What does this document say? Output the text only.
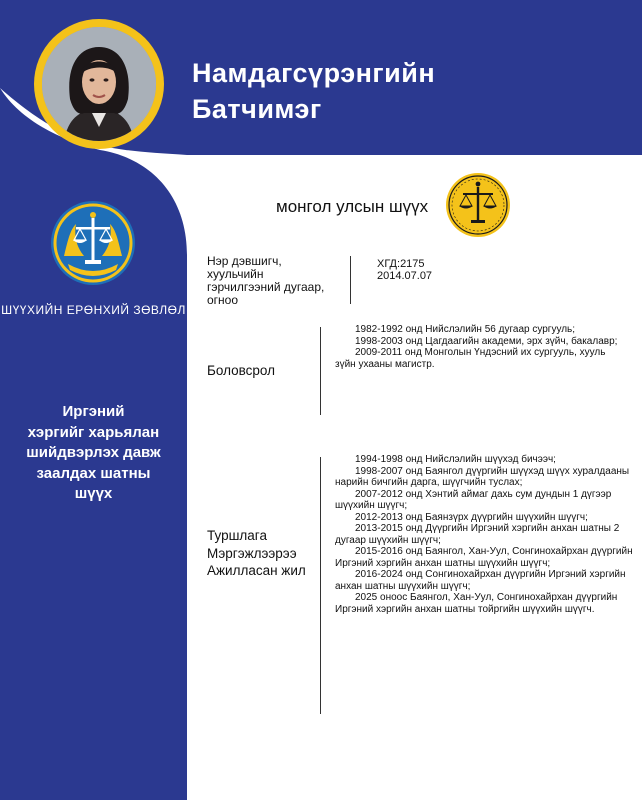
Намдагсүрэнгийн
Батчимэг
ШҮҮХИЙН ЕРӨНХИЙ ЗӨВЛӨЛ
Иргэний
хэргийг харьялан
шийдвэрлэх давж
заалдах шатны
шүүх
монгол улсын шүүх
Нэр дэвшигч,
хуульчийн
гэрчилгээний дугаар,
огноо
ХГД:2175
2014.07.07
Боловсрол
1982-1992 онд Нийслэлийн 56 дугаар сургууль;
1998-2003 онд Цагдаагийн академи, эрх зүйч, бакалавр;
2009-2011 онд Монголын Үндэсний их сургууль, хууль зүйн ухааны магистр.
Туршлага
Мэргэжлээрээ
Ажилласан жил
1994-1998 онд Нийслэлийн шүүхэд бичээч;
1998-2007 онд Баянгол дүүргийн шүүхэд шүүх хуралдааны нарийн бичгийн дарга, шүүгчийн туслах;
2007-2012 онд Хэнтий аймаг дахь сум дундын 1 дүгээр шүүхийн шүүгч;
2012-2013 онд Баянзүрх дүүргийн шүүхийн шүүгч;
2013-2015 онд Дүүргийн Иргэний хэргийн анхан шатны 2 дугаар шүүхийн шүүгч;
2015-2016 онд Баянгол, Хан-Уул, Сонгинохайрхан дүүргийн Иргэний хэргийн анхан шатны шүүхийн шүүгч;
2016-2024 онд Сонгинохайрхан дүүргийн Иргэний хэргийн анхан шатны шүүхийн шүүгч;
2025 оноос Баянгол, Хан-Уул, Сонгинохайрхан дүүргийн Иргэний хэргийн анхан шатны тойргийн шүүхийн шүүгч.
